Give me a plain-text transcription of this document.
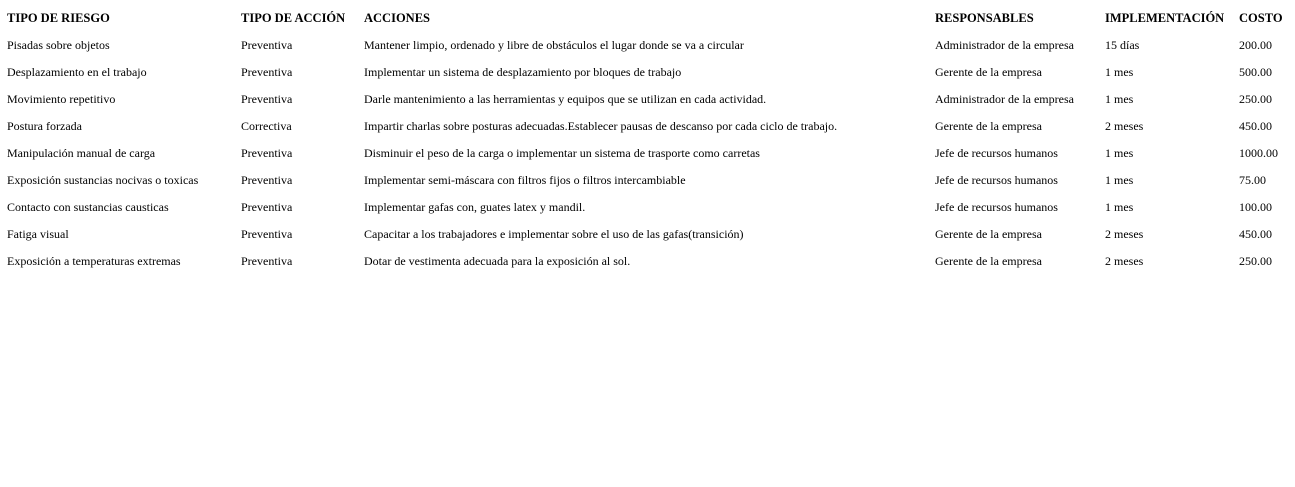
TIPO DE RIESGO	TIPO DE ACCIÓN	ACCIONES	RESPONSABLES	IMPLEMENTACIÓN	COSTO
Pisadas sobre objetos	Preventiva	Mantener limpio, ordenado y libre de obstáculos el lugar donde se va a circular	Administrador de la empresa	15 días	200.00
Desplazamiento en el trabajo	Preventiva	Implementar un sistema de desplazamiento por bloques de trabajo	Gerente de la empresa	1 mes	500.00
Movimiento repetitivo	Preventiva	Darle mantenimiento a las herramientas y equipos que se utilizan en cada actividad.	Administrador de la empresa	1 mes	250.00
Postura forzada	Correctiva	Impartir charlas sobre posturas adecuadas.Establecer pausas de descanso por cada ciclo de trabajo.	Gerente de la empresa	2 meses	450.00
Manipulación manual de carga	Preventiva	Disminuir el peso de la carga o implementar un sistema de trasporte como carretas	Jefe de recursos humanos	1 mes	1000.00
Exposición sustancias nocivas o toxicas	Preventiva	Implementar semi-máscara con filtros fijos o filtros intercambiable	Jefe de recursos humanos	1 mes	75.00
Contacto con sustancias causticas	Preventiva	Implementar gafas con, guates latex y mandil.	Jefe de recursos humanos	1 mes	100.00
Fatiga visual	Preventiva	Capacitar a los trabajadores e implementar sobre el uso de las gafas(transición)	Gerente de la empresa	2 meses	450.00
Exposición a temperaturas extremas	Preventiva	Dotar de vestimenta adecuada para la exposición al sol.	Gerente de la empresa	2 meses	250.00
